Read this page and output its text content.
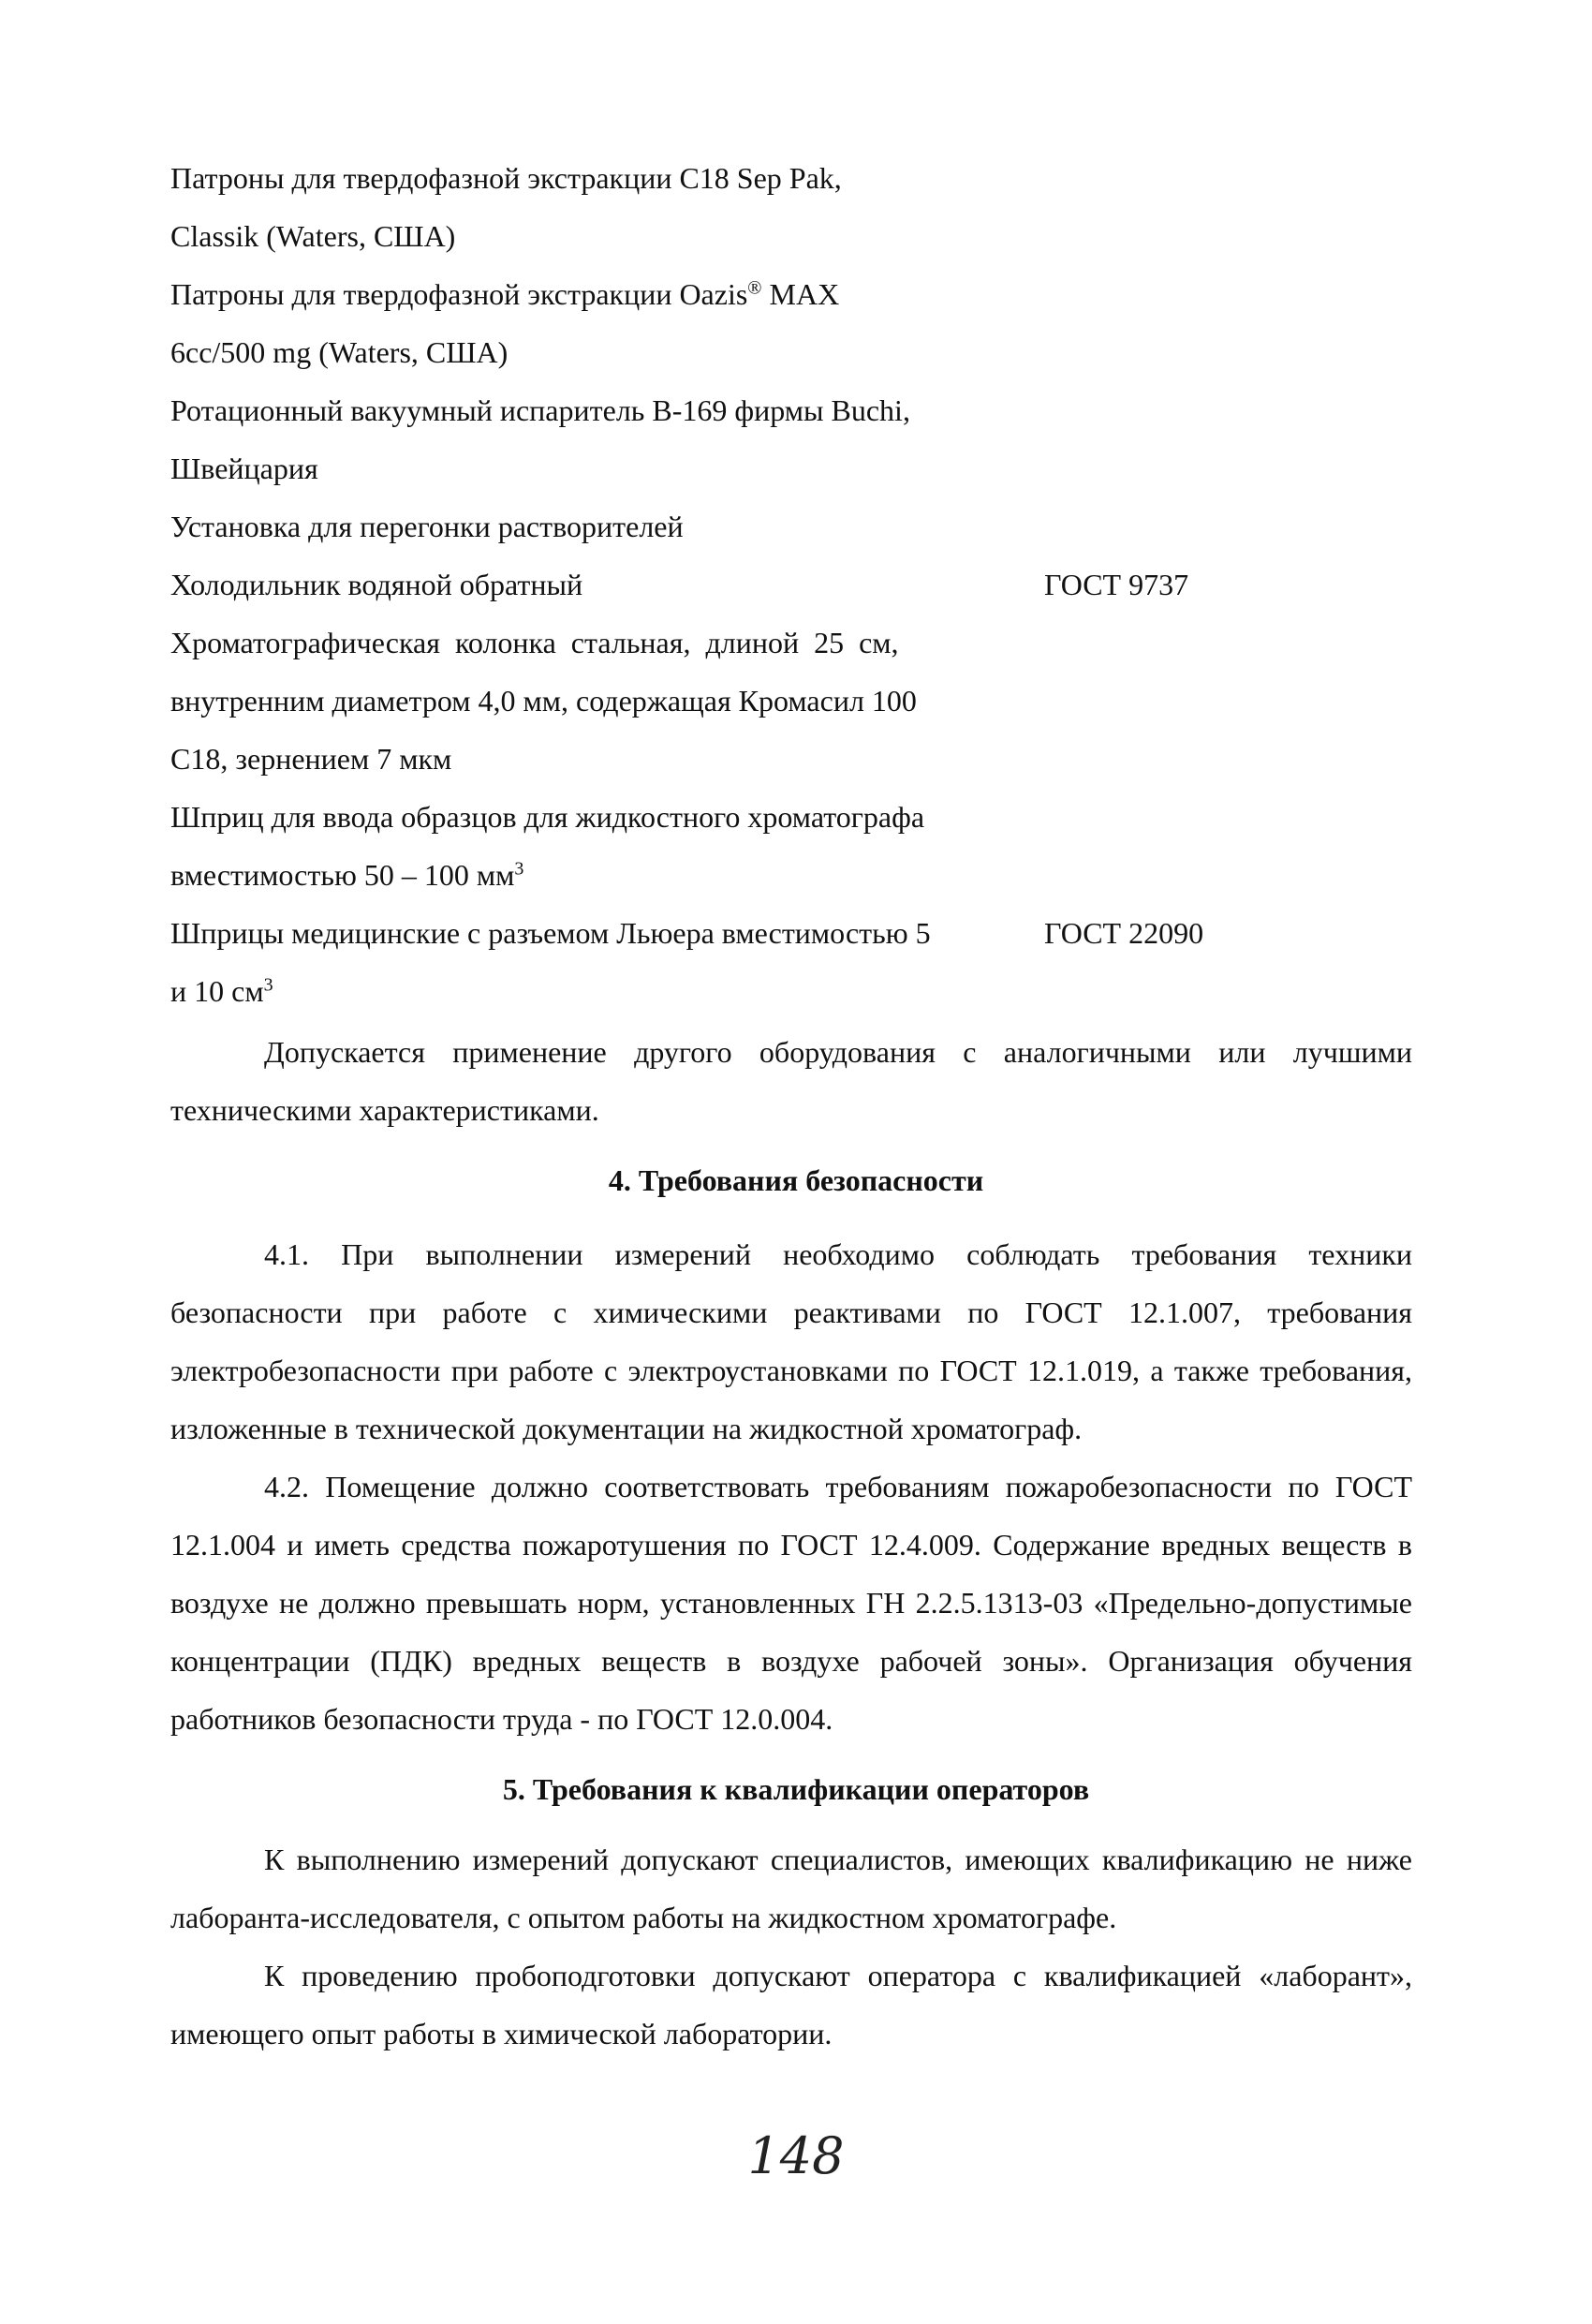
Патроны для твердофазной экстракции С18 Sep Pak,
Classik (Waters, США)
Патроны для твердофазной экстракции Oazis® MAX
6cc/500 mg (Waters, США)
Ротационный вакуумный испаритель В-169 фирмы Buchi,
Швейцария
Установка для перегонки растворителей
Холодильник водяной обратный	ГОСТ 9737
Хроматографическая колонка стальная, длиной 25 см,
внутренним диаметром 4,0 мм, содержащая Кромасил 100
С18, зернением 7 мкм
Шприц для ввода образцов для жидкостного хроматографа
вместимостью 50 – 100 $мм^3$
Шприцы медицинские с разъемом Льюера вместимостью 5	ГОСТ 22090
и 10 $см^3$
Допускается применение другого оборудования с аналогичными или лучшими техническими характеристиками.
4. Требования безопасности
4.1. При выполнении измерений необходимо соблюдать требования техники безопасности при работе с химическими реактивами по ГОСТ 12.1.007, требования электробезопасности при работе с электроустановками по ГОСТ 12.1.019, а также требования, изложенные в технической документации на жидкостной хроматограф.
4.2. Помещение должно соответствовать требованиям пожаробезопасности по ГОСТ 12.1.004 и иметь средства пожаротушения по ГОСТ 12.4.009. Содержание вредных веществ в воздухе не должно превышать норм, установленных ГН 2.2.5.1313-03 «Предельно-допустимые концентрации (ПДК) вредных веществ в воздухе рабочей зоны». Организация обучения работников безопасности труда - по ГОСТ 12.0.004.
5. Требования к квалификации операторов
К выполнению измерений допускают специалистов, имеющих квалификацию не ниже лаборанта-исследователя, с опытом работы на жидкостном хроматографе.
К проведению пробоподготовки допускают оператора с квалификацией «лаборант», имеющего опыт работы в химической лаборатории.
148
